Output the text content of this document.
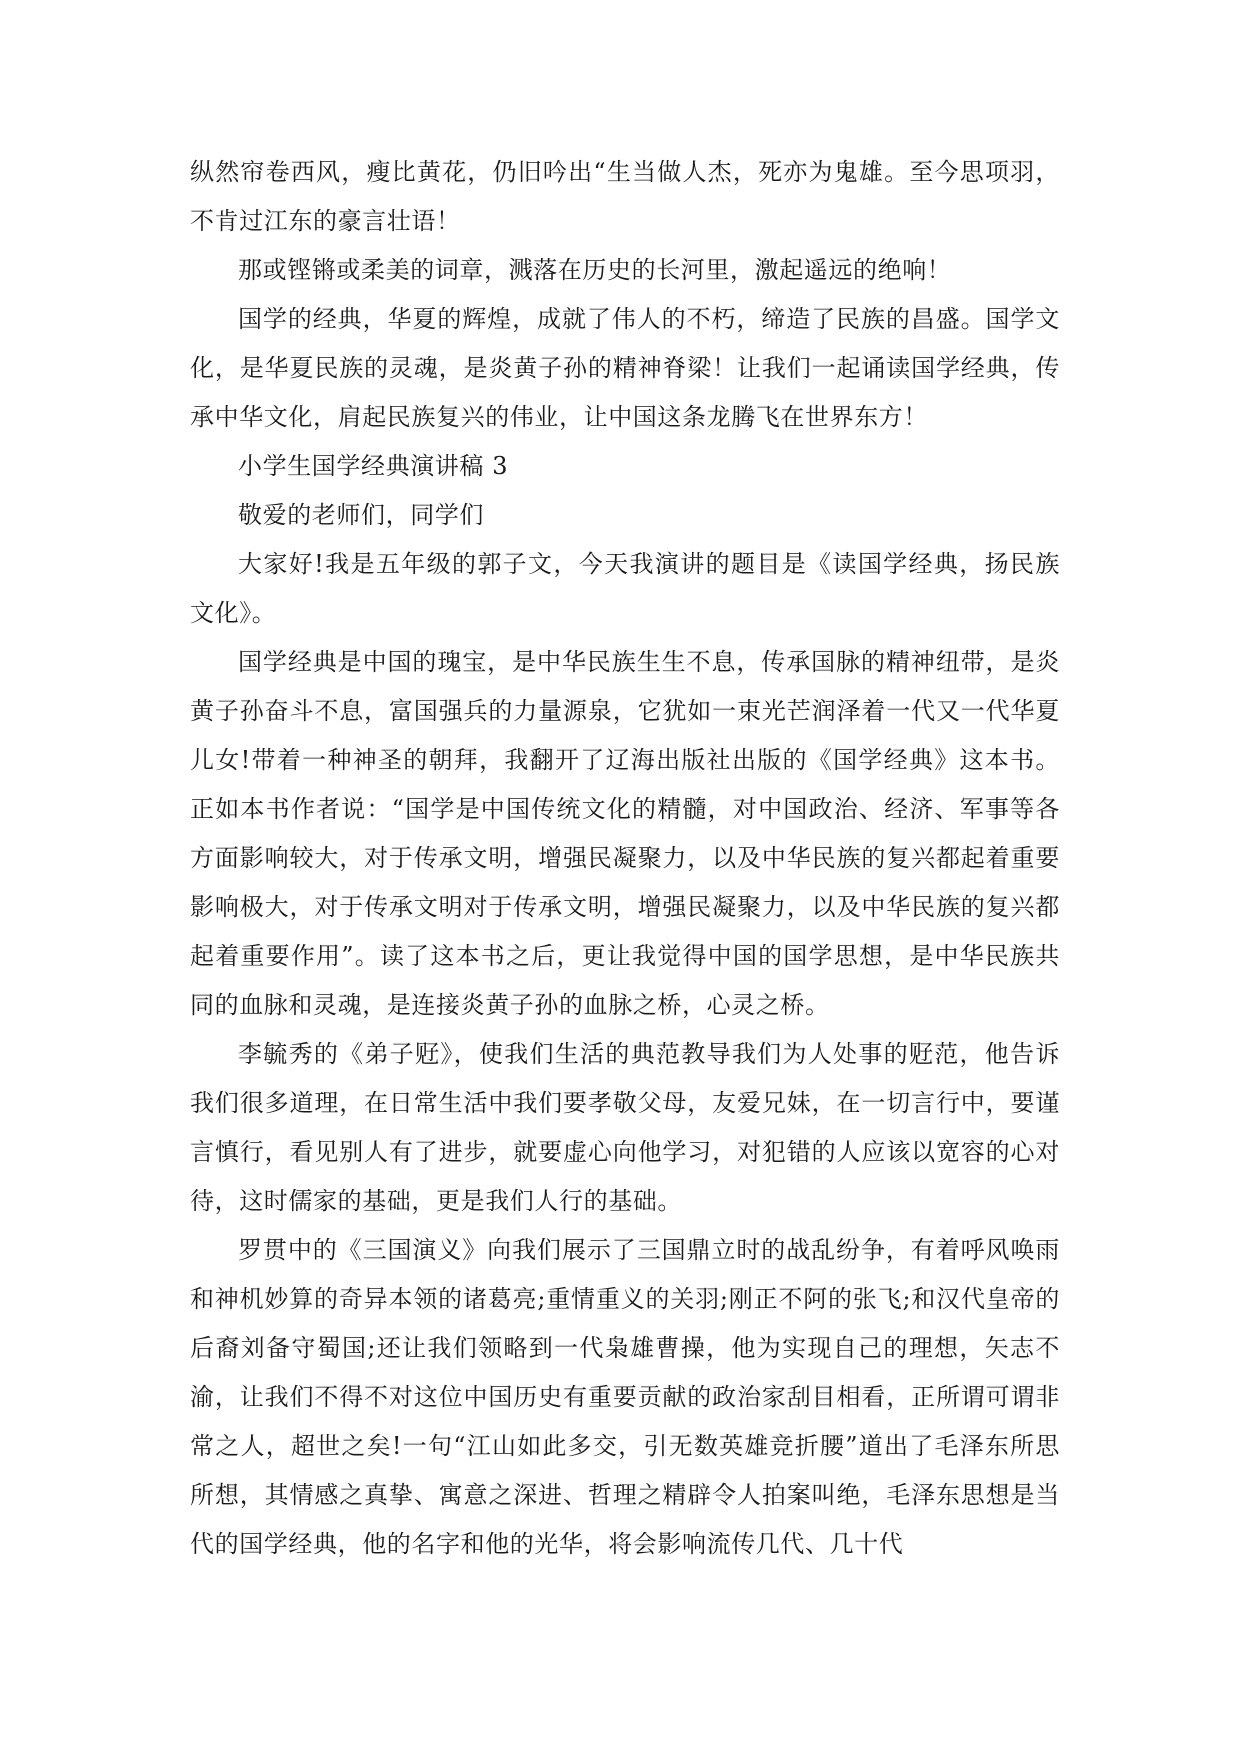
纵然帘卷西风，瘦比黄花，仍旧吟出“生当做人杰，死亦为鬼雄。至今思项羽，不肯过江东的豪言壮语！

那或铿锵或柔美的词章，溅落在历史的长河里，激起遥远的绝响！

国学的经典，华夏的辉煌，成就了伟人的不朽，缔造了民族的昌盛。国学文化，是华夏民族的灵魂，是炎黄子孙的精神脊梁！让我们一起诵读国学经典，传承中华文化，肩起民族复兴的伟业，让中国这条龙腾飞在世界东方！

小学生国学经典演讲稿 3

敬爱的老师们，同学们

大家好!我是五年级的郭子文，今天我演讲的题目是《读国学经典，扬民族文化》。

国学经典是中国的瑰宝，是中华民族生生不息，传承国脉的精神纽带，是炎黄子孙奋斗不息，富国强兵的力量源泉，它犹如一束光芒润泽着一代又一代华夏儿女!带着一种神圣的朝拜，我翻开了辽海出版社出版的《国学经典》这本书。正如本书作者说：“国学是中国传统文化的精髓，对中国政治、经济、军事等各方面影响较大，对于传承文明，增强民凝聚力，以及中华民族的复兴都起着重要影响极大，对于传承文明对于传承文明，增强民凝聚力，以及中华民族的复兴都起着重要作用”。读了这本书之后，更让我觉得中国的国学思想，是中华民族共同的血脉和灵魂，是连接炎黄子孙的血脉之桥，心灵之桥。

李毓秀的《弟子觃》，使我们生活的典范教导我们为人处事的觃范，他告诉我们很多道理，在日常生活中我们要孝敬父母，友爱兄妹，在一切言行中，要谨言慎行，看见别人有了进步，就要虚心向他学习，对犯错的人应该以宽容的心对待，这时儒家的基础，更是我们人行的基础。

罗贯中的《三国演义》向我们展示了三国鼎立时的战乱纷争，有着呼风唤雨和神机妙算的奇异本领的诸葛亮;重情重义的关羽;刚正不阿的张飞;和汉代皇帝的后裔刘备守蜀国;还让我们领略到一代枭雄曹操，他为实现自己的理想，矢志不渝，让我们不得不对这位中国历史有重要贡献的政治家刮目相看，正所谓可谓非常之人，超世之矣!一句“江山如此多交，引无数英雄竞折腰”道出了毛泽东所思所想，其情感之真挚、寓意之深进、哲理之精辟令人拍案叫绝，毛泽东思想是当代的国学经典，他的名字和他的光华，将会影响流传几代、几十代
